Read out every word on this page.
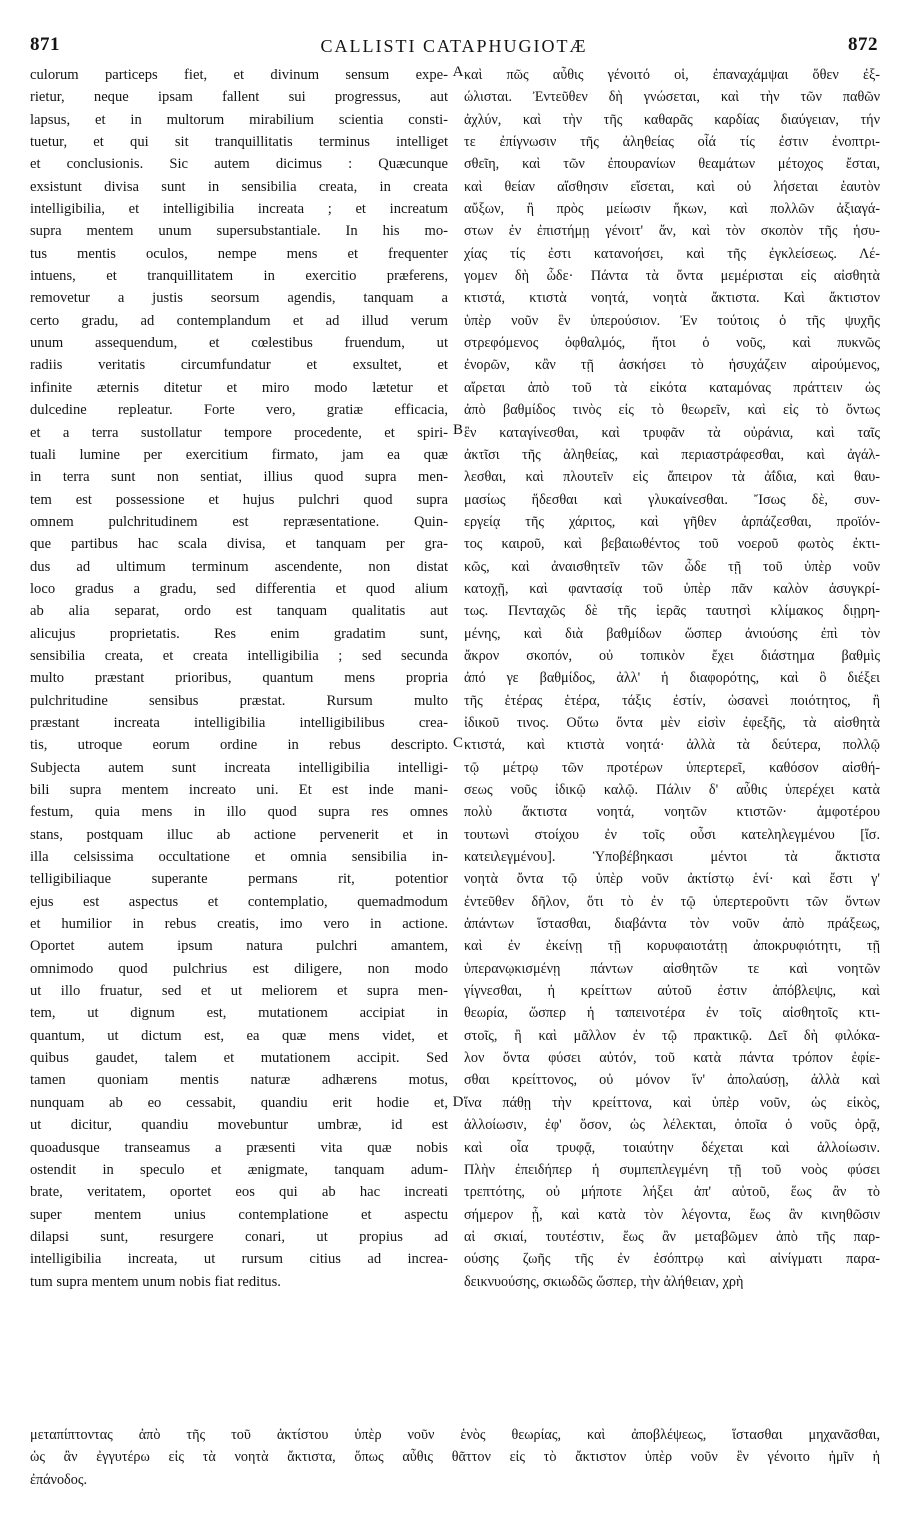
871	CALLISTI CATAPHUGIOTÆ	872
culorum particeps fiet, et divinum sensum expe-
rietur, neque ipsam fallent sui progressus, aut
lapsus, et in multorum mirabilium scientia consti-
tuetur, et qui sit tranquillitatis terminus intelliget
et conclusionis. Sic autem dicimus : Quæcunque
exsistunt divisa sunt in sensibilia creata, in creata
intelligibilia, et intelligibilia increata ; et increatum
supra mentem unum supersubstantiale. In his mo-
tus mentis oculos, nempe mens et frequenter
intuens, et tranquillitatem in exercitio præferens,
removetur a justis seorsum agendis, tanquam a
certo gradu, ad contemplandum et ad illud verum
unum assequendum, et cœlestibus fruendum, ut
radiis veritatis circumfundatur et exsultet, et
infinite æternis ditetur et miro modo lætetur et
dulcedine repleatur. Forte vero, gratiæ efficacia,
et a terra sustollatur tempore procedente, et spiri-
tuali lumine per exercitium firmato, jam ea quæ
in terra sunt non sentiat, illius quod supra men-
tem est possessione et hujus pulchri quod supra
omnem pulchritudinem est repræsentatione. Quin-
que partibus hac scala divisa, et tanquam per gra-
dus ad ultimum terminum ascendente, non distat
loco gradus a gradu, sed differentia et quod alium
ab alia separat, ordo est tanquam qualitatis aut
alicujus proprietatis. Res enim gradatim sunt,
sensibilia creata, et creata intelligibilia ; sed secunda
multo præstant prioribus, quantum mens propria
pulchritudine sensibus præstat. Rursum multo
præstant increata intelligibilia intelligibilibus crea-
tis, utroque eorum ordine in rebus descripto.
Subjecta autem sunt increata intelligibilia intelligi-
bili supra mentem increato uni. Et est inde mani-
festum, quia mens in illo quod supra res omnes
stans, postquam illuc ab actione pervenerit et in
illa celsissima occultatione et omnia sensibilia in-
telligibiliaque superante permans rit, potentior
ejus est aspectus et contemplatio, quemadmodum
et humilior in rebus creatis, imo vero in actione.
Oportet autem ipsum natura pulchri amantem,
omnimodo quod pulchrius est diligere, non modo
ut illo fruatur, sed et ut meliorem et supra men-
tem, ut dignum est, mutationem accipiat in
quantum, ut dictum est, ea quæ mens videt, et
quibus gaudet, talem et mutationem accipit. Sed
tamen quoniam mentis naturæ adhærens motus,
nunquam ab eo cessabit, quandiu erit hodie et,
ut dicitur, quandiu movebuntur umbræ, id est
quoadusque transeamus a præsenti vita quæ nobis
ostendit in speculo et ænigmate, tanquam adum-
brate, veritatem, oportet eos qui ab hac increati
super mentem unius contemplatione et aspectu
dilapsi sunt, resurgere conari, ut propius ad
intelligibilia increata, ut rursum citius ad increa-
tum supra mentem unum nobis fiat reditus.
καὶ πῶς αὖθις γένοιτό οἱ, ἐπαναχάμψαι ὅθεν ἐξ-
ώλισται. Ἐντεῦθεν δὴ γνώσεται, καὶ τὴν τῶν παθῶν
ἀχλύν, καὶ τὴν τῆς καθαρᾶς καρδίας διαύγειαν, τήν
τε ἐπίγνωσιν τῆς ἀληθείας οἷά τίς ἐστιν ἐνοπτρι-
σθεῖη, καὶ τῶν ἐπουρανίων θεαμάτων μέτοχος ἔσται,
καὶ θείαν αἴσθησιν εἴσεται, καὶ οὐ λήσεται ἑαυτὸν
αὔξων, ἢ πρὸς μείωσιν ἥκων, καὶ πολλῶν ἀξιαγά-
στων ἐν ἐπιστήμῃ γένοιτ' ἄν, καὶ τὸν σκοπὸν τῆς ἡσυ-
χίας τίς ἐστι κατανοήσει, καὶ τῆς ἐγκλείσεως. Λέ-
γομεν δὴ ὧδε· Πάντα τὰ ὄντα μεμέρισται εἰς αἰσθητὰ
κτιστά, κτιστὰ νοητά, νοητὰ ἄκτιστα. Καὶ ἄκτιστον
ὑπὲρ νοῦν ἓν ὑπερούσιον. Ἐν τούτοις ὁ τῆς ψυχῆς
στρεφόμενος ὀφθαλμός, ἤτοι ὁ νοῦς, καὶ πυκνῶς
ἐνορῶν, κἂν τῇ ἀσκήσει τὸ ἡσυχάζειν αἱρούμενος,
αἴρεται ἀπὸ τοῦ τὰ εἰκότα καταμόνας πράττειν ὡς
ἀπὸ βαθμίδος τινὸς εἰς τὸ θεωρεῖν, καὶ εἰς τὸ ὄντως
ἓν καταγίνεσθαι, καὶ τρυφᾶν τὰ οὐράνια, καὶ ταῖς
ἀκτῖσι τῆς ἀληθείας, καὶ περιαστράφεσθαι, καὶ ἀγάλ-
λεσθαι, καὶ πλουτεῖν εἰς ἄπειρον τὰ ἀΐδια, καὶ θαυ-
μασίως ἥδεσθαι καὶ γλυκαίνεσθαι. Ἴσως δὲ, συν-
εργείᾳ τῆς χάριτος, καὶ γῆθεν ἁρπάζεσθαι, προϊόν-
τος καιροῦ, καὶ βεβαιωθέντος τοῦ νοεροῦ φωτὸς ἐκτι-
κῶς, καὶ ἀναισθητεῖν τῶν ὧδε τῇ τοῦ ὑπὲρ νοῦν
κατοχῇ, καὶ φαντασίᾳ τοῦ ὑπὲρ πᾶν καλὸν ἀσυγκρί-
τως. Πενταχῶς δὲ τῆς ἱερᾶς ταυτησὶ κλίμακος διῃρη-
μένης, καὶ διὰ βαθμίδων ὥσπερ ἀνιούσης ἐπὶ τὸν
ἄκρον σκοπόν, οὐ τοπικὸν ἔχει διάστημα βαθμὶς
ἀπό γε βαθμίδος, ἀλλ' ἡ διαφορότης, καὶ ὃ διέξει
τῆς ἑτέρας ἑτέρα, τάξις ἐστίν, ὡσανεὶ ποιότητος, ἢ
ἰδικοῦ τινος. Οὕτω ὄντα μὲν εἰσὶν ἐφεξῆς, τὰ αἰσθητὰ
κτιστά, καὶ κτιστὰ νοητά· ἀλλὰ τὰ δεύτερα, πολλῷ
τῷ μέτρῳ τῶν προτέρων ὑπερτερεῖ, καθόσον αἰσθή-
σεως νοῦς ἰδικῷ καλῷ. Πάλιν δ' αὖθις ὑπερέχει κατὰ
πολὺ ἄκτιστα νοητά, νοητῶν κτιστῶν· ἀμφοτέρου
τουτωνὶ στοίχου ἐν τοῖς οὖσι κατεληλεγμένου [ἴσ.
κατειλεγμένου]. Ὑποβέβηκασι μέντοι τὰ ἄκτιστα
νοητὰ ὄντα τῷ ὑπὲρ νοῦν ἀκτίστῳ ἑνί· καὶ ἔστι γ'
ἐντεῦθεν δῆλον, ὅτι τὸ ἐν τῷ ὑπερτεροῦντι τῶν ὄντων
ἁπάντων ἵστασθαι, διαβάντα τὸν νοῦν ἀπὸ πράξεως,
καὶ ἐν ἐκείνῃ τῇ κορυφαιοτάτῃ ἀποκρυφιότητι, τῇ
ὑπερανῳκισμένῃ πάντων αἰσθητῶν τε καὶ νοητῶν
γίγνεσθαι, ἡ κρείττων αὐτοῦ ἐστιν ἀπόβλεψις, καὶ
θεωρία, ὥσπερ ἡ ταπεινοτέρα ἐν τοῖς αἰσθητοῖς κτι-
στοῖς, ἢ καὶ μᾶλλον ἐν τῷ πρακτικῷ. Δεῖ δὴ φιλόκα-
λον ὄντα φύσει αὐτόν, τοῦ κατὰ πάντα τρόπον ἐφίε-
σθαι κρείττονος, οὐ μόνον ἵν' ἀπολαύσῃ, ἀλλὰ καὶ
ἵνα πάθῃ τὴν κρείττονα, καὶ ὑπὲρ νοῦν, ὡς εἰκὸς,
ἀλλοίωσιν, ἐφ' ὅσον, ὡς λέλεκται, ὁποῖα ὁ νοῦς ὁρᾷ,
καὶ οἷα τρυφᾷ, τοιαύτην δέχεται καὶ ἀλλοίωσιν.
Πλὴν ἐπειδήπερ ἡ συμπεπλεγμένη τῇ τοῦ νοὸς φύσει
τρεπτότης, οὐ μήποτε λήξει ἀπ' αὐτοῦ, ἕως ἂν τὸ
σήμερον ᾖ, καὶ κατὰ τὸν λέγοντα, ἕως ἂν κινηθῶσιν
αἱ σκιαί, τουτέστιν, ἕως ἂν μεταβῶμεν ἀπὸ τῆς παρ-
ούσης ζωῆς τῆς ἐν ἐσόπτρῳ καὶ αἰνίγματι παρα-
δεικνυούσης, σκιωδῶς ὥσπερ, τὴν ἀλήθειαν, χρὴ
A
B
C
D
μεταπίπτοντας ἀπὸ τῆς τοῦ ἀκτίστου ὑπὲρ νοῦν ἑνὸς θεωρίας, καὶ ἀποβλέψεως, ἵστασθαι μηχανᾶσθαι,
ὡς ἂν ἐγγυτέρω εἰς τὰ νοητὰ ἄκτιστα, ὅπως αὖθις θᾶττον εἰς τὸ ἄκτιστον ὑπὲρ νοῦν ἓν γένοιτο ἡμῖν ἡ
ἐπάνοδος.
